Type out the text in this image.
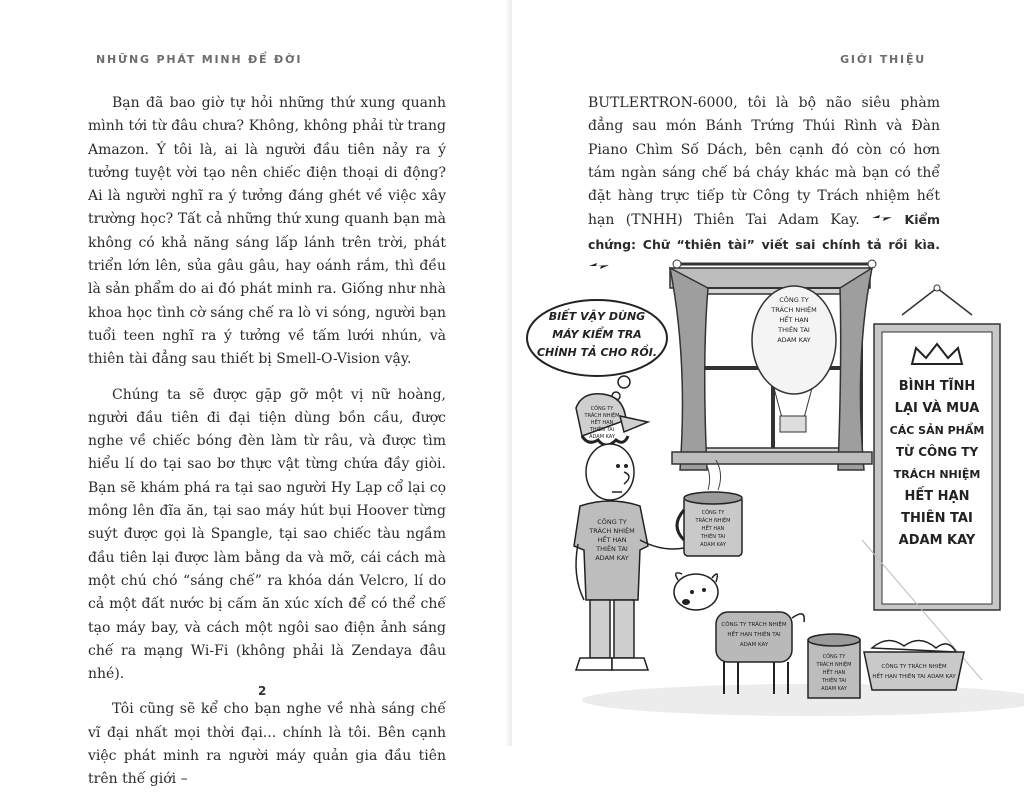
NHỮNG PHÁT MINH ĐỂ ĐỜI

Bạn đã bao giờ tự hỏi những thứ xung quanh mình tới từ đâu chưa? Không, không phải từ trang Amazon. Ý tôi là, ai là người đầu tiên nảy ra ý tưởng tuyệt vời tạo nên chiếc điện thoại di động? Ai là người nghĩ ra ý tưởng đáng ghét về việc xây trường học? Tất cả những thứ xung quanh bạn mà không có khả năng sáng lấp lánh trên trời, phát triển lớn lên, sủa gâu gâu, hay oánh rắm, thì đều là sản phẩm do ai đó phát minh ra. Giống như nhà khoa học tình cờ sáng chế ra lò vi sóng, người bạn tuổi teen nghĩ ra ý tưởng về tấm lưới nhún, và thiên tài đẳng sau thiết bị Smell-O-Vision vậy.

Chúng ta sẽ được gặp gỡ một vị nữ hoàng, người đầu tiên đi đại tiện dùng bồn cầu, được nghe về chiếc bóng đèn làm từ râu, và được tìm hiểu lí do tại sao bơ thực vật từng chứa đầy giòi. Bạn sẽ khám phá ra tại sao người Hy Lạp cổ lại cọ mông lên đĩa ăn, tại sao máy hút bụi Hoover từng suýt được gọi là Spangle, tại sao chiếc tàu ngầm đầu tiên lại được làm bằng da và mỡ, cái cách mà một chú chó “sáng chế” ra khóa dán Velcro, lí do cả một đất nước bị cấm ăn xúc xích để có thể chế tạo máy bay, và cách một ngôi sao điện ảnh sáng chế ra mạng Wi-Fi (không phải là Zendaya đâu nhé).

Tôi cũng sẽ kể cho bạn nghe về nhà sáng chế vĩ đại nhất mọi thời đại... chính là tôi. Bên cạnh việc phát minh ra người máy quản gia đầu tiên trên thế giới –

2
GIỚI THIỆU

BUTLERTRON-6000, tôi là bộ não siêu phàm đẳng sau món Bánh Trứng Thúi Rình và Đàn Piano Chìm Số Dách, bên cạnh đó còn có hơn tám ngàn sáng chế bá cháy khác mà bạn có thể đặt hàng trực tiếp từ Công ty Trách nhiệm hết hạn (TNHH) Thiên Tai Adam Kay.	Kiểm chứng: Chữ “thiên tài” viết sai chính tả rồi kìa.

CÔNG TY
TRÁCH NHIỆM
HẾT HẠN
THIÊN TAI
ADAM KAY
BÌNH TĨNH
LẠI VÀ MUA
CÁC SẢN PHẨM
TỪ CÔNG TY
TRÁCH NHIỆM
HẾT HẠN
THIÊN TAI
ADAM KAY
BIẾT VẬY DÙNG
MÁY KIỂM TRA
CHÍNH TẢ CHO RỒI.
CÔNG TY
TRÁCH NHIỆM
HẾT HẠN
THIÊN TAI
ADAM KAY
CÔNG TY
TRÁCH NHIỆM
HẾT HẠN
THIÊN TAI
ADAM KAY
CÔNG TY
TRÁCH NHIỆM
HẾT HẠN
THIÊN TAI
ADAM KAY
CÔNG TY TRÁCH NHIỆM
HẾT HẠN THIÊN TAI
ADAM KAY
CÔNG TY
TRÁCH NHIỆM
HẾT HẠN
THIÊN TAI
ADAM KAY
CÔNG TY TRÁCH NHIỆM
HẾT HẠN THIÊN TAI ADAM KAY
